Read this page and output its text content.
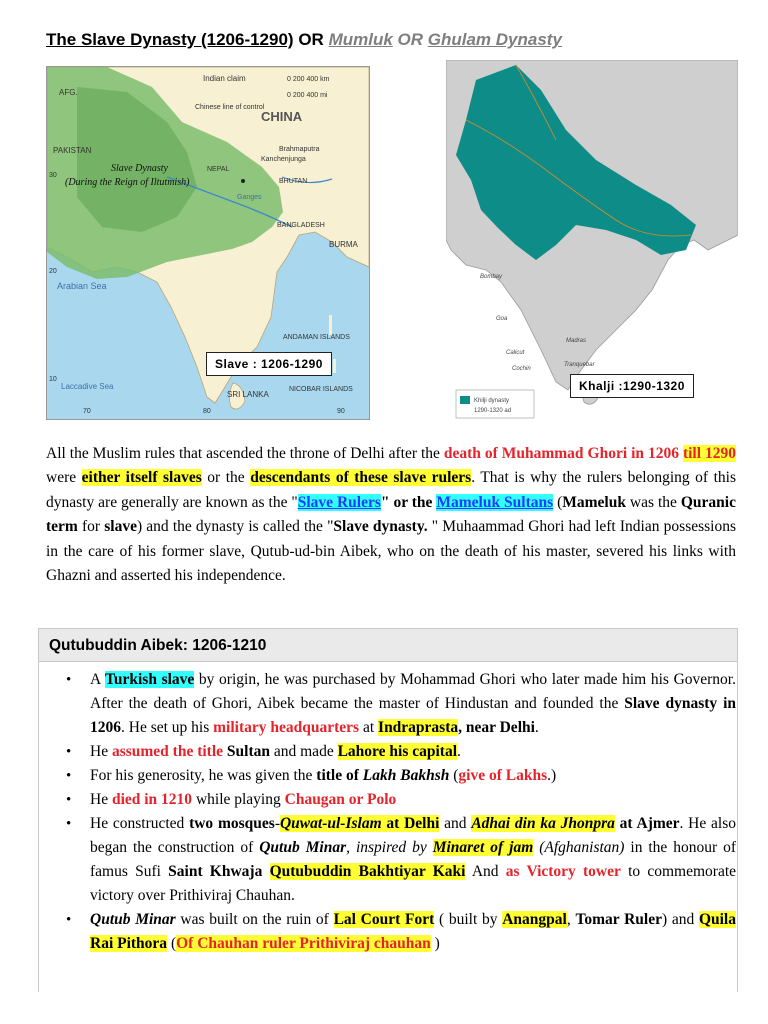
The Slave Dynasty (1206-1290) OR Mumluk OR Ghulam Dynasty
AFG.
PAKISTAN
CHINA
Indian claim
Chinese line of control
NEPAL
BHUTAN
BANGLADESH
BURMA
Arabian Sea
Laccadive Sea
SRI LANKA
ANDAMAN ISLANDS
NICOBAR ISLANDS
Brahmaputra
Kanchenjunga
Ganges
0 200 400 km
0 200 400 mi
70	80	90
30
20
10
Slave Dynasty
(During the Reign of Iltutmish)
Slave : 1206-1290
Khilji dynasty
1290-1320 ad
Bombay
Goa
Madras
Calicut
Cochin
Tranquebar
Khalji :1290-1320
All the Muslim rules that ascended the throne of Delhi after the death of Muhammad Ghori in 1206 till 1290 were either itself slaves or the descendants of these slave rulers. That is why the rulers belonging of this dynasty are generally are known as the "Slave Rulers" or the Mameluk Sultans (Mameluk was the Quranic term for slave) and the dynasty is called the "Slave dynasty. " Muhaammad Ghori had left Indian possessions in the care of his former slave, Qutub-ud-bin Aibek, who on the death of his master, severed his links with Ghazni and asserted his independence.
Qutubuddin Aibek: 1206-1210
• A Turkish slave by origin, he was purchased by Mohammad Ghori who later made him his Governor. After the death of Ghori, Aibek became the master of Hindustan and founded the Slave dynasty in 1206. He set up his military headquarters at Indraprasta, near Delhi.
• He assumed the title Sultan and made Lahore his capital.
• For his generosity, he was given the title of Lakh Bakhsh (give of Lakhs.)
• He died in 1210 while playing Chaugan or Polo
• He constructed two mosques-Quwat-ul-Islam at Delhi and Adhai din ka Jhonpra at Ajmer. He also began the construction of Qutub Minar, inspired by Minaret of jam (Afghanistan) in the honour of famus Sufi Saint Khwaja Qutubuddin Bakhtiyar Kaki And as Victory tower to commemorate victory over Prithiviraj Chauhan.
• Qutub Minar was built on the ruin of Lal Court Fort ( built by Anangpal, Tomar Ruler) and Quila Rai Pithora (Of Chauhan ruler Prithiviraj chauhan )
